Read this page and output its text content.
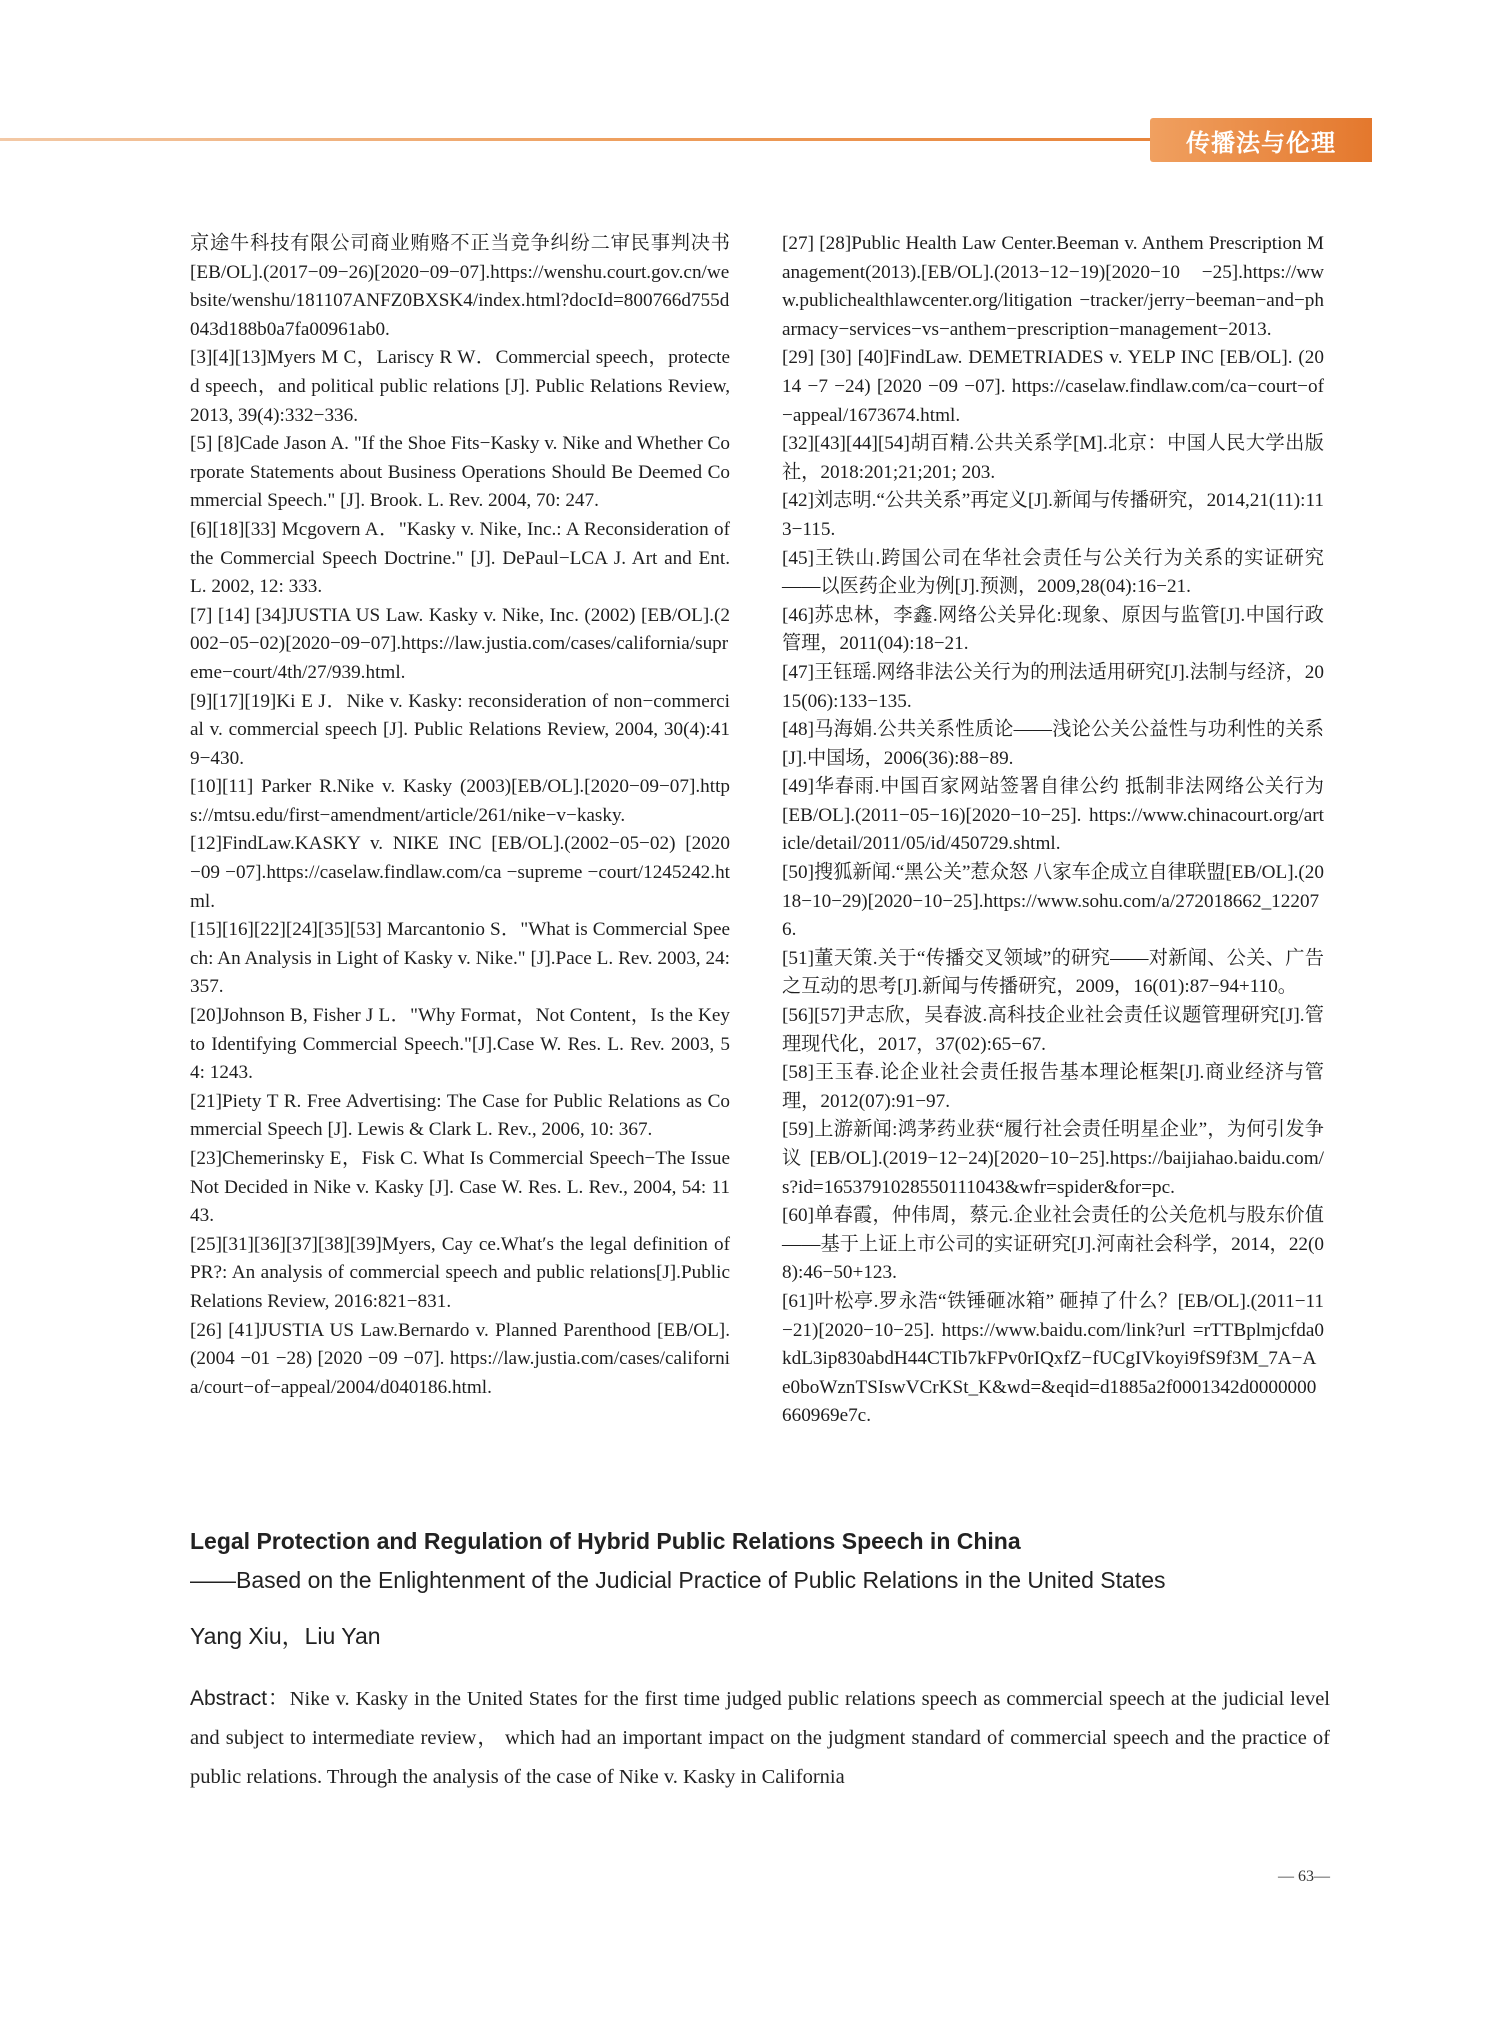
传播法与伦理

京途牛科技有限公司商业贿赂不正当竞争纠纷二审民事判决书 [EB/OL].(2017−09−26)[2020−09−07].https://wenshu.court.gov.cn/website/wenshu/181107ANFZ0BXSK4/index.html?docId=800766d755d043d188b0a7fa00961ab0.

[3][4][13]Myers M C，Lariscy R W．Commercial speech，protected speech，and political public relations [J]. Public Relations Review, 2013, 39(4):332−336.

[5] [8]Cade Jason A. "If the Shoe Fits−Kasky v. Nike and Whether Corporate Statements about Business Operations Should Be Deemed Commercial Speech." [J]. Brook. L. Rev. 2004, 70: 247.

[6][18][33] Mcgovern A．"Kasky v. Nike, Inc.: A Reconsideration of the Commercial Speech Doctrine." [J]. DePaul−LCA J. Art and Ent. L. 2002, 12: 333.

[7] [14] [34]JUSTIA US Law. Kasky v. Nike, Inc. (2002) [EB/OL].(2002−05−02)[2020−09−07].https://law.justia.com/cases/california/supreme−court/4th/27/939.html.

[9][17][19]Ki E J．Nike v. Kasky: reconsideration of non−commercial v. commercial speech [J]. Public Relations Review, 2004, 30(4):419−430.

[10][11] Parker R.Nike v. Kasky (2003)[EB/OL].[2020−09−07].https://mtsu.edu/first−amendment/article/261/nike−v−kasky.

[12]FindLaw.KASKY v. NIKE INC [EB/OL].(2002−05−02) [2020 −09 −07].https://caselaw.findlaw.com/ca −supreme −court/1245242.html.

[15][16][22][24][35][53] Marcantonio S．"What is Commercial Speech: An Analysis in Light of Kasky v. Nike." [J].Pace L. Rev. 2003, 24: 357.

[20]Johnson B, Fisher J L．"Why Format，Not Content，Is the Key to Identifying Commercial Speech."[J].Case W. Res. L. Rev. 2003, 54: 1243.

[21]Piety T R. Free Advertising: The Case for Public Relations as Commercial Speech [J]. Lewis & Clark L. Rev., 2006, 10: 367.

[23]Chemerinsky E，Fisk C. What Is Commercial Speech−The Issue Not Decided in Nike v. Kasky [J]. Case W. Res. L. Rev., 2004, 54: 1143.

[25][31][36][37][38][39]Myers, Cay ce.What′s the legal definition of PR?: An analysis of commercial speech and public relations[J].Public Relations Review, 2016:821−831.

[26] [41]JUSTIA US Law.Bernardo v. Planned Parenthood [EB/OL]. (2004 −01 −28) [2020 −09 −07]. https://law.justia.com/cases/california/court−of−appeal/2004/d040186.html.

[27] [28]Public Health Law Center.Beeman v. Anthem Prescription Management(2013).[EB/OL].(2013−12−19)[2020−10 −25].https://www.publichealthlawcenter.org/litigation −tracker/jerry−beeman−and−pharmacy−services−vs−anthem−prescription−management−2013.

[29] [30] [40]FindLaw. DEMETRIADES v. YELP INC [EB/OL]. (2014 −7 −24) [2020 −09 −07]. https://caselaw.findlaw.com/ca−court−of−appeal/1673674.html.

[32][43][44][54]胡百精.公共关系学[M].北京：中国人民大学出版社，2018:201;21;201; 203.

[42]刘志明.“公共关系”再定义[J].新闻与传播研究，2014,21(11):113−115.

[45]王铁山.跨国公司在华社会责任与公关行为关系的实证研究——以医药企业为例[J].预测，2009,28(04):16−21.

[46]苏忠林，李鑫.网络公关异化:现象、原因与监管[J].中国行政管理，2011(04):18−21.

[47]王钰瑶.网络非法公关行为的刑法适用研究[J].法制与经济，2015(06):133−135.

[48]马海娟.公共关系性质论——浅论公关公益性与功利性的关系[J].中国场，2006(36):88−89.

[49]华春雨.中国百家网站签署自律公约 抵制非法网络公关行为 [EB/OL].(2011−05−16)[2020−10−25]. https://www.chinacourt.org/article/detail/2011/05/id/450729.shtml.

[50]搜狐新闻.“黑公关”惹众怒 八家车企成立自律联盟[EB/OL].(2018−10−29)[2020−10−25].https://www.sohu.com/a/272018662_122076.

[51]董天策.关于“传播交叉领域”的研究——对新闻、公关、广告之互动的思考[J].新闻与传播研究，2009，16(01):87−94+110。

[56][57]尹志欣，吴春波.高科技企业社会责任议题管理研究[J].管理现代化，2017，37(02):65−67.

[58]王玉春.论企业社会责任报告基本理论框架[J].商业经济与管理，2012(07):91−97.

[59]上游新闻:鸿茅药业获“履行社会责任明星企业”，为何引发争议 [EB/OL].(2019−12−24)[2020−10−25].https://baijiahao.baidu.com/s?id=1653791028550111043&wfr=spider&for=pc.

[60]单春霞，仲伟周，蔡元.企业社会责任的公关危机与股东价值——基于上证上市公司的实证研究[J].河南社会科学，2014，22(08):46−50+123.

[61]叶松亭.罗永浩“铁锤砸冰箱” 砸掉了什么？[EB/OL].(2011−11−21)[2020−10−25]. https://www.baidu.com/link?url =rTTBplmjcfda0kdL3ip830abdH44CTIb7kFPv0rIQxfZ−fUCgIVkoyi9fS9f3M_7A−Ae0boWznTSIswVCrKSt_K&wd=&eqid=d1885a2f0001342d0000000660969e7c.

Legal Protection and Regulation of Hybrid Public Relations Speech in China
——Based on the Enlightenment of the Judicial Practice of Public Relations in the United States
Yang Xiu，Liu Yan
Abstract：Nike v. Kasky in the United States for the first time judged public relations speech as commercial speech at the judicial level and subject to intermediate review， which had an important impact on the judgment standard of commercial speech and the practice of public relations. Through the analysis of the case of Nike v. Kasky in California
— 63—
